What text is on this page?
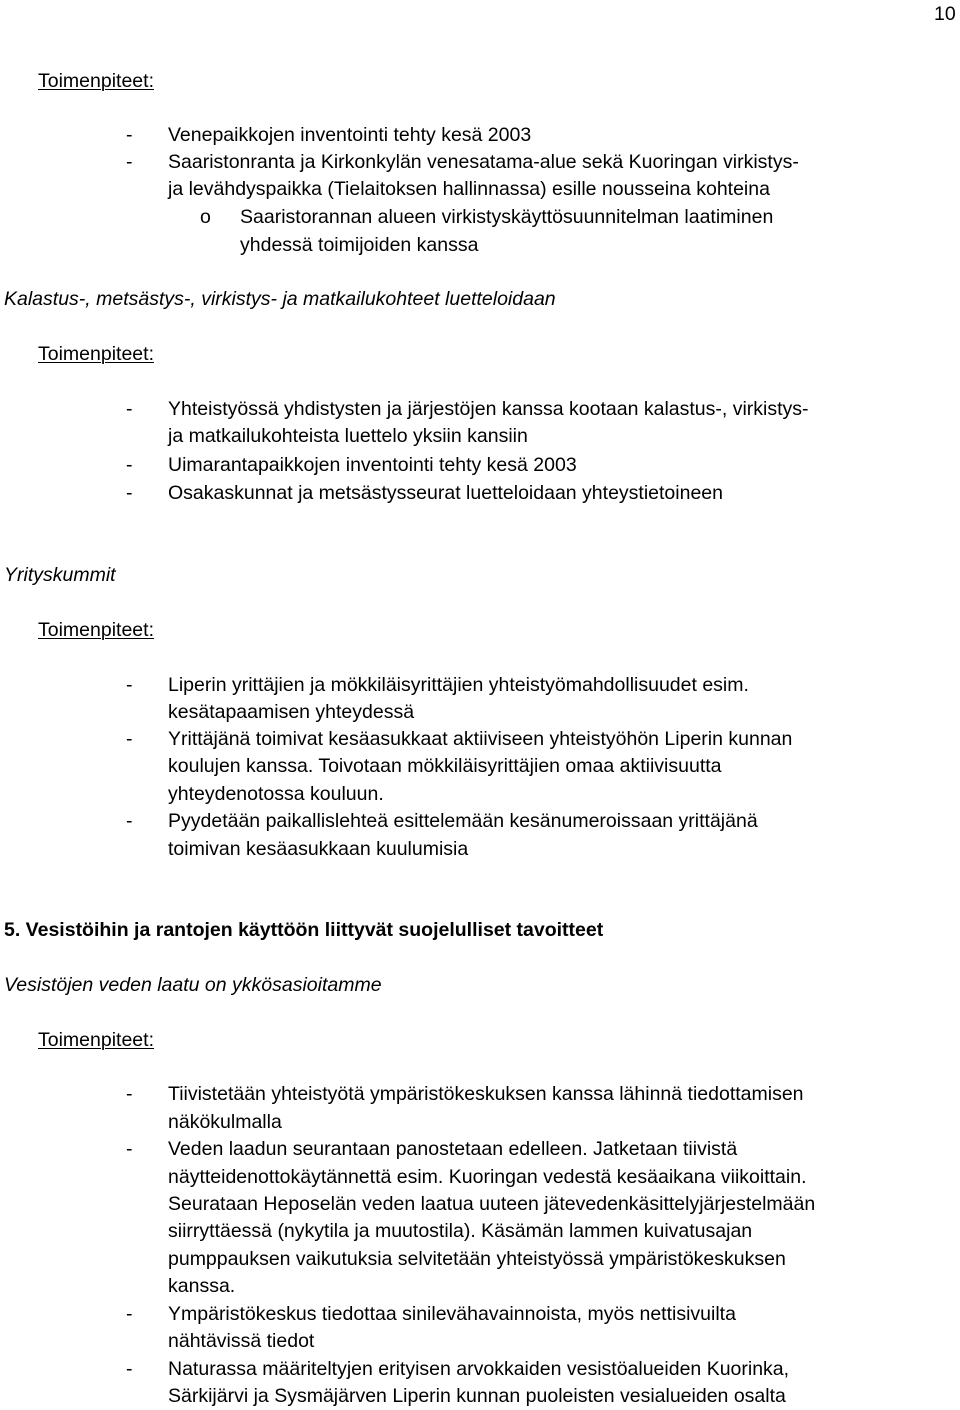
10
Toimenpiteet:
- Venepaikkojen inventointi tehty kesä 2003
- Saaristonranta ja Kirkonkylän venesatama-alue sekä Kuoringan virkistys-
ja levähdyspaikka (Tielaitoksen hallinnassa) esille nousseina kohteina
o Saaristorannan alueen virkistyskäyttösuunnitelman laatiminen
yhdessä toimijoiden kanssa
Kalastus-, metsästys-, virkistys- ja matkailukohteet luetteloidaan
Toimenpiteet:
- Yhteistyössä yhdistysten ja järjestöjen kanssa kootaan kalastus-, virkistys-
ja matkailukohteista luettelo yksiin kansiin
- Uimarantapaikkojen inventointi tehty kesä 2003
- Osakaskunnat ja metsästysseurat luetteloidaan yhteystietoineen
Yrityskummit
Toimenpiteet:
- Liperin yrittäjien ja mökkiläisyrittäjien yhteistyömahdollisuudet esim.
kesätapaamisen yhteydessä
- Yrittäjänä toimivat kesäasukkaat aktiiviseen yhteistyöhön Liperin kunnan
koulujen kanssa. Toivotaan mökkiläisyrittäjien omaa aktiivisuutta
yhteydenotossa kouluun.
- Pyydetään paikallislehteä esittelemään kesänumeroissaan yrittäjänä
toimivan kesäasukkaan kuulumisia
5. Vesistöihin ja rantojen käyttöön liittyvät suojelulliset tavoitteet
Vesistöjen veden laatu on ykkösasioitamme
Toimenpiteet:
- Tiivistetään yhteistyötä ympäristökeskuksen kanssa lähinnä tiedottamisen
näkökulmalla
- Veden laadun seurantaan panostetaan edelleen. Jatketaan tiivistä
näytteidenottokäytännettä esim. Kuoringan vedestä kesäaikana viikoittain.
Seurataan Heposelän veden laatua uuteen jätevedenkäsittelyjärjestelmään
siirryttäessä (nykytila ja muutostila). Käsämän lammen kuivatusajan
pumppauksen vaikutuksia selvitetään yhteistyössä ympäristökeskuksen
kanssa.
- Ympäristökeskus tiedottaa sinilevähavainnoista, myös nettisivuilta
nähtävissä tiedot
- Naturassa määriteltyjen erityisen arvokkaiden vesistöalueiden Kuorinka,
Särkijärvi ja Sysmäjärven Liperin kunnan puoleisten vesialueiden osalta
